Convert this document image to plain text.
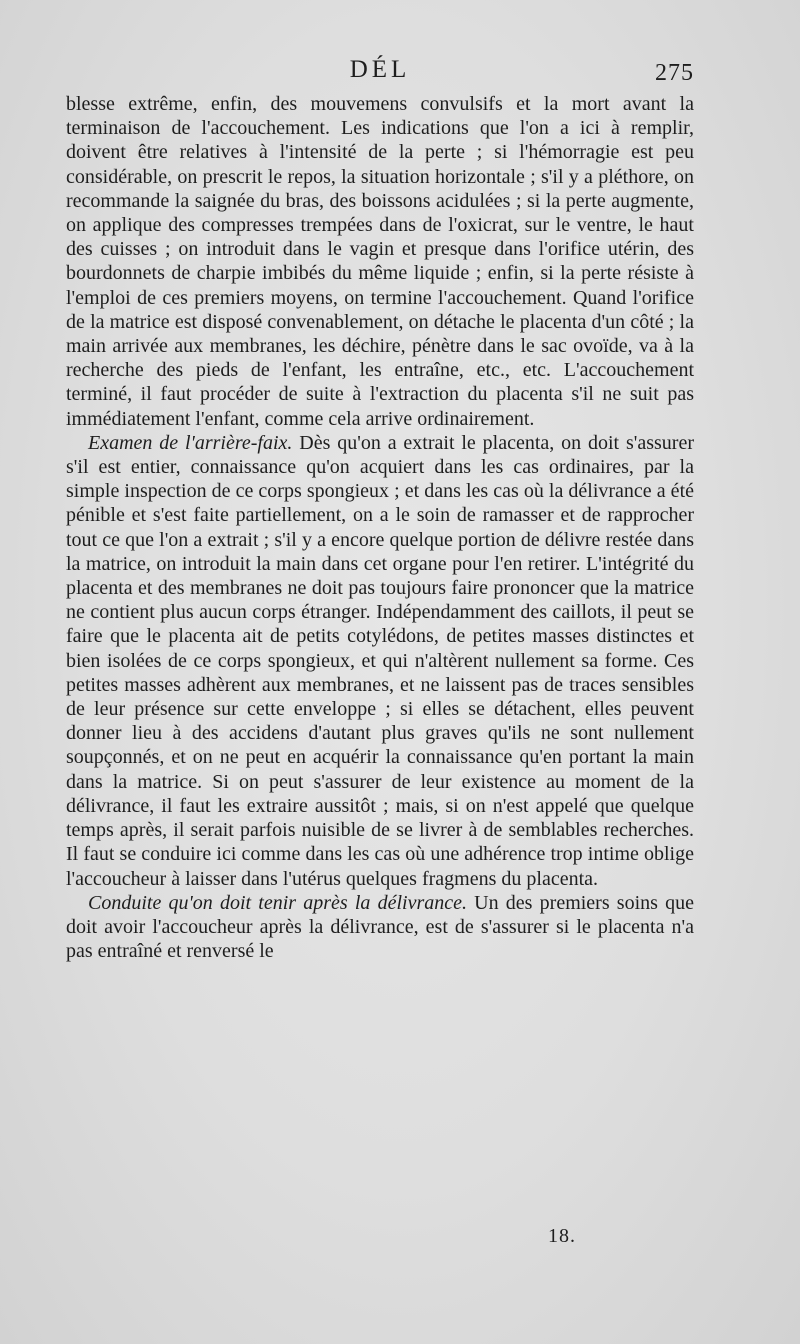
DÉL	275

blesse extrême, enfin, des mouvemens convulsifs et la mort avant la terminaison de l'accouchement. Les indications que l'on a ici à remplir, doivent être relatives à l'intensité de la perte ; si l'hémorragie est peu considérable, on prescrit le repos, la situation horizontale ; s'il y a pléthore, on recommande la saignée du bras, des boissons acidulées ; si la perte augmente, on applique des compresses trempées dans de l'oxicrat, sur le ventre, le haut des cuisses ; on introduit dans le vagin et presque dans l'orifice utérin, des bourdonnets de charpie imbibés du même liquide ; enfin, si la perte résiste à l'emploi de ces premiers moyens, on termine l'accouchement. Quand l'orifice de la matrice est disposé convenablement, on détache le placenta d'un côté ; la main arrivée aux membranes, les déchire, pénètre dans le sac ovoïde, va à la recherche des pieds de l'enfant, les entraîne, etc., etc. L'accouchement terminé, il faut procéder de suite à l'extraction du placenta s'il ne suit pas immédiatement l'enfant, comme cela arrive ordinairement.

Examen de l'arrière-faix. Dès qu'on a extrait le placenta, on doit s'assurer s'il est entier, connaissance qu'on acquiert dans les cas ordinaires, par la simple inspection de ce corps spongieux ; et dans les cas où la délivrance a été pénible et s'est faite partiellement, on a le soin de ramasser et de rapprocher tout ce que l'on a extrait ; s'il y a encore quelque portion de délivre restée dans la matrice, on introduit la main dans cet organe pour l'en retirer. L'intégrité du placenta et des membranes ne doit pas toujours faire prononcer que la matrice ne contient plus aucun corps étranger. Indépendamment des caillots, il peut se faire que le placenta ait de petits cotylédons, de petites masses distinctes et bien isolées de ce corps spongieux, et qui n'altèrent nullement sa forme. Ces petites masses adhèrent aux membranes, et ne laissent pas de traces sensibles de leur présence sur cette enveloppe ; si elles se détachent, elles peuvent donner lieu à des accidens d'autant plus graves qu'ils ne sont nullement soupçonnés, et on ne peut en acquérir la connaissance qu'en portant la main dans la matrice. Si on peut s'assurer de leur existence au moment de la délivrance, il faut les extraire aussitôt ; mais, si on n'est appelé que quelque temps après, il serait parfois nuisible de se livrer à de semblables recherches. Il faut se conduire ici comme dans les cas où une adhérence trop intime oblige l'accoucheur à laisser dans l'utérus quelques fragmens du placenta.

Conduite qu'on doit tenir après la délivrance. Un des premiers soins que doit avoir l'accoucheur après la délivrance, est de s'assurer si le placenta n'a pas entraîné et renversé le

18.
